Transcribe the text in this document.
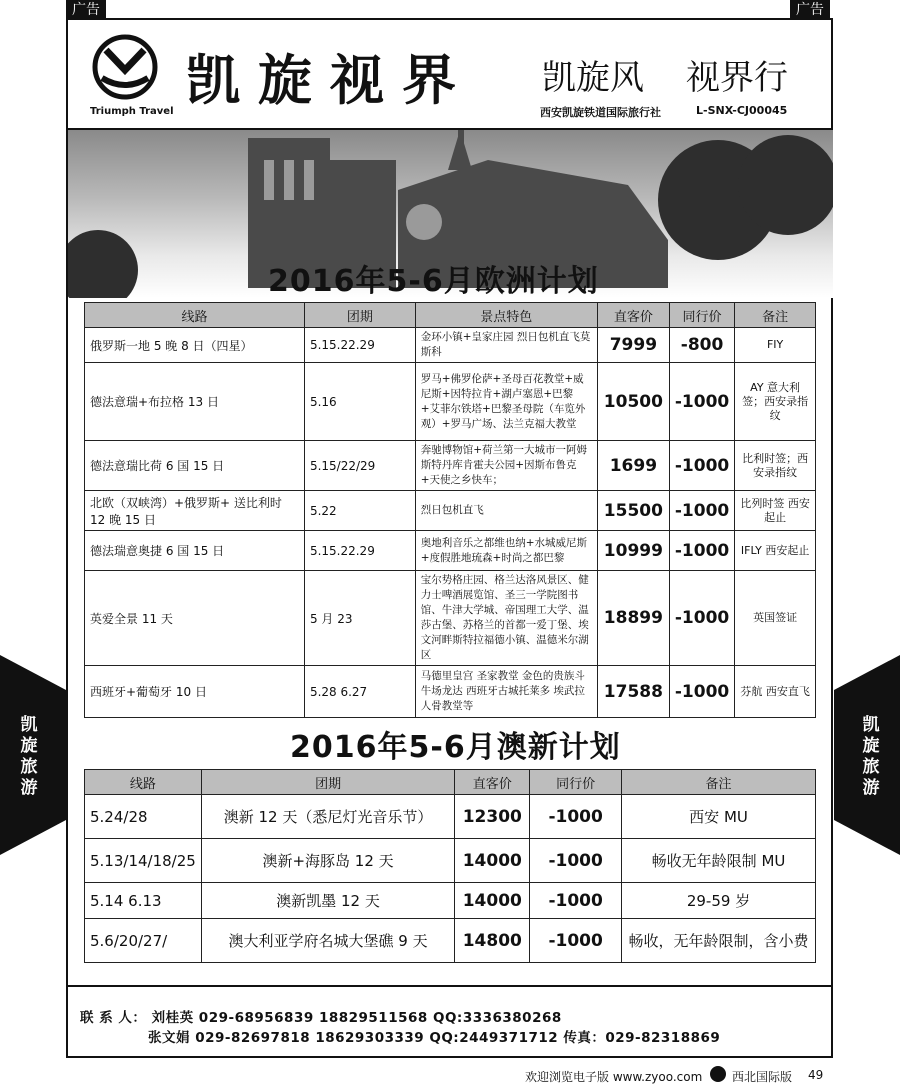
广告	广告
Triumph Travel 凯旋视界 凯旋风 视界行
西安凯旋铁道国际旅行社	L-SNX-CJ00045
2016年5-6月欧洲计划
线路	团期	景点特色	直客价	同行价	备注
俄罗斯一地 5 晚 8 日（四星）	5.15.22.29	金环小镇+皇家庄园 烈日包机直飞莫斯科	7999	-800	FIY
德法意瑞+布拉格 13 日	5.16	罗马+佛罗伦萨+圣母百花教堂+威尼斯+因特拉肯+湖卢塞恩+巴黎+艾菲尔铁塔+巴黎圣母院（车览外观）+罗马广场、法兰克福大教堂	10500	-1000	AY 意大利签；西安录指纹
德法意瑞比荷 6 国 15 日	5.15/22/29	奔驰博物馆+荷兰第一大城市一阿姆斯特丹库肯霍夫公园+因斯布鲁克+天使之乡快车；	1699	-1000	比利时签；西安录指纹
北欧（双峡湾）+俄罗斯+ 送比利时 12 晚 15 日	5.22	烈日包机直飞	15500	-1000	比列时签 西安起止
德法瑞意奥捷 6 国 15 日	5.15.22.29	奥地利音乐之都维也纳+水城威尼斯+度假胜地琉森+时尚之都巴黎	10999	-1000	IFLY 西安起止
英爱全景 11 天	5 月 23	宝尔势格庄园、格兰达洛风景区、健力士啤酒展览馆、圣三一学院图书馆、牛津大学城、帝国理工大学、温莎古堡、苏格兰的首都一爱丁堡、埃文河畔斯特拉福德小镇、温德米尔湖区	18899	-1000	英国签证
西班牙+葡萄牙 10 日	5.28 6.27	马德里皇宫 圣家教堂 金色的贵族斗牛场龙达 西班牙古城托莱多 埃武拉人骨教堂等	17588	-1000	芬航 西安直飞
2016年5-6月澳新计划
线路	团期	直客价	同行价	备注
5.24/28	澳新 12 天（悉尼灯光音乐节）	12300	-1000	西安 MU
5.13/14/18/25	澳新+海豚岛 12 天	14000	-1000	畅收无年龄限制 MU
5.14 6.13	澳新凯墨 12 天	14000	-1000	29-59 岁
5.6/20/27/	澳大利亚学府名城大堡礁 9 天	14800	-1000	畅收，无年龄限制，含小费
联 系 人： 刘桂英 029-68956839 18829511568 QQ:3336380268
张文娟 029-82697818 18629303339 QQ:2449371712 传真：029-82318869
凯
旋
旅
游
凯
旋
旅
游
欢迎浏览电子版 www.zyoo.com 西北国际版 49
